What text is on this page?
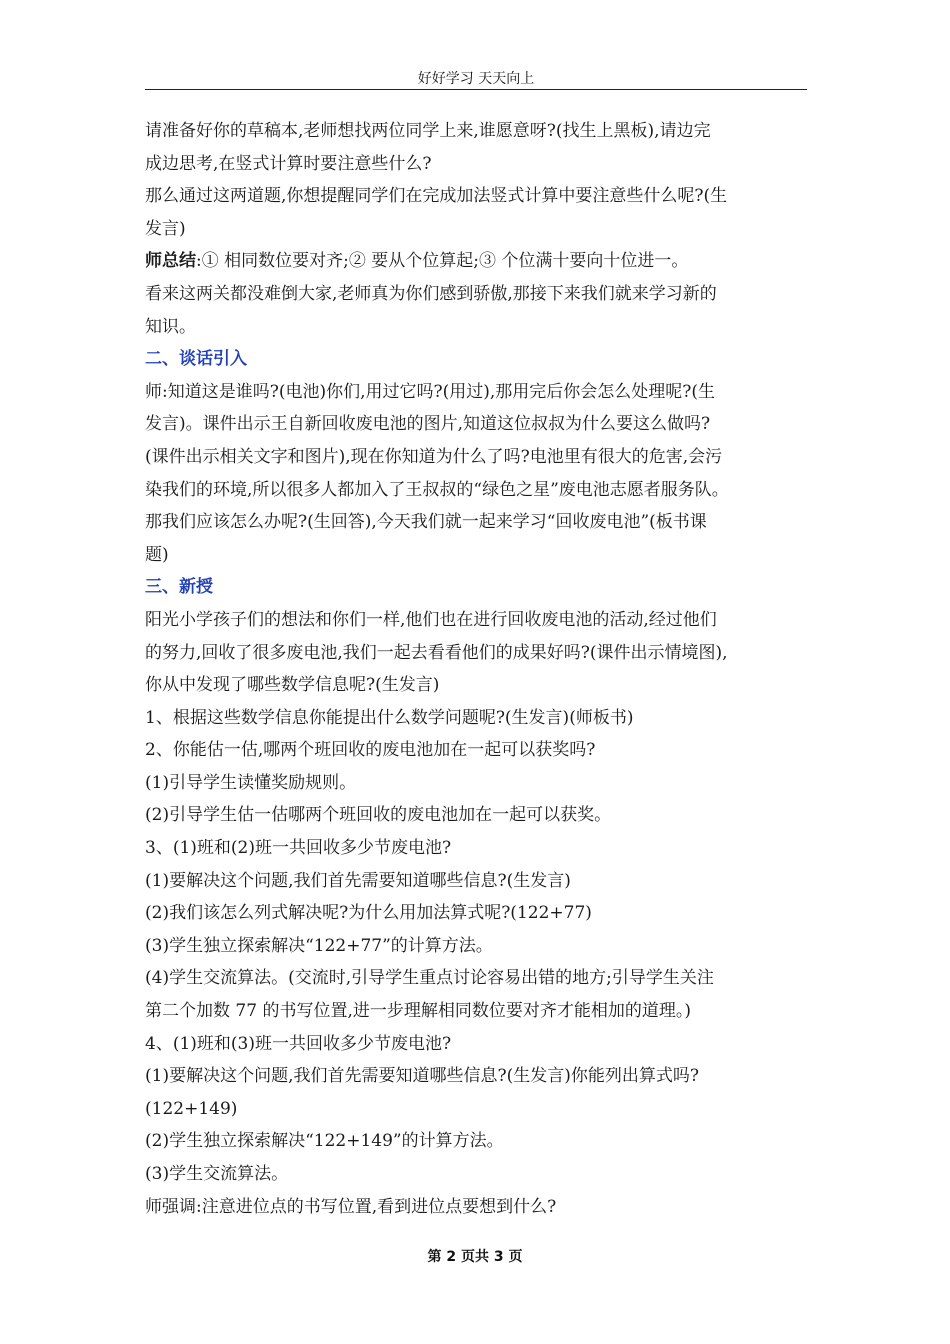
好好学习 天天向上
请准备好你的草稿本,老师想找两位同学上来,谁愿意呀?(找生上黑板),请边完
成边思考,在竖式计算时要注意些什么?
那么通过这两道题,你想提醒同学们在完成加法竖式计算中要注意些什么呢?(生
发言)
师总结:① 相同数位要对齐;② 要从个位算起;③ 个位满十要向十位进一。
看来这两关都没难倒大家,老师真为你们感到骄傲,那接下来我们就来学习新的
知识。
二、谈话引入
师:知道这是谁吗?(电池)你们,用过它吗?(用过),那用完后你会怎么处理呢?(生
发言)。课件出示王自新回收废电池的图片,知道这位叔叔为什么要这么做吗?
(课件出示相关文字和图片),现在你知道为什么了吗?电池里有很大的危害,会污
染我们的环境,所以很多人都加入了王叔叔的“绿色之星”废电池志愿者服务队。
那我们应该怎么办呢?(生回答),今天我们就一起来学习“回收废电池”(板书课
题)
三、新授
阳光小学孩子们的想法和你们一样,他们也在进行回收废电池的活动,经过他们
的努力,回收了很多废电池,我们一起去看看他们的成果好吗?(课件出示情境图),
你从中发现了哪些数学信息呢?(生发言)
1、根据这些数学信息你能提出什么数学问题呢?(生发言)(师板书)
2、你能估一估,哪两个班回收的废电池加在一起可以获奖吗?
(1)引导学生读懂奖励规则。
(2)引导学生估一估哪两个班回收的废电池加在一起可以获奖。
3、(1)班和(2)班一共回收多少节废电池?
(1)要解决这个问题,我们首先需要知道哪些信息?(生发言)
(2)我们该怎么列式解决呢?为什么用加法算式呢?(122+77)
(3)学生独立探索解决“122+77”的计算方法。
(4)学生交流算法。(交流时,引导学生重点讨论容易出错的地方;引导学生关注
第二个加数 77 的书写位置,进一步理解相同数位要对齐才能相加的道理。)
4、(1)班和(3)班一共回收多少节废电池?
(1)要解决这个问题,我们首先需要知道哪些信息?(生发言)你能列出算式吗?
(122+149)
(2)学生独立探索解决“122+149”的计算方法。
(3)学生交流算法。
师强调:注意进位点的书写位置,看到进位点要想到什么?
第 2 页共 3 页
